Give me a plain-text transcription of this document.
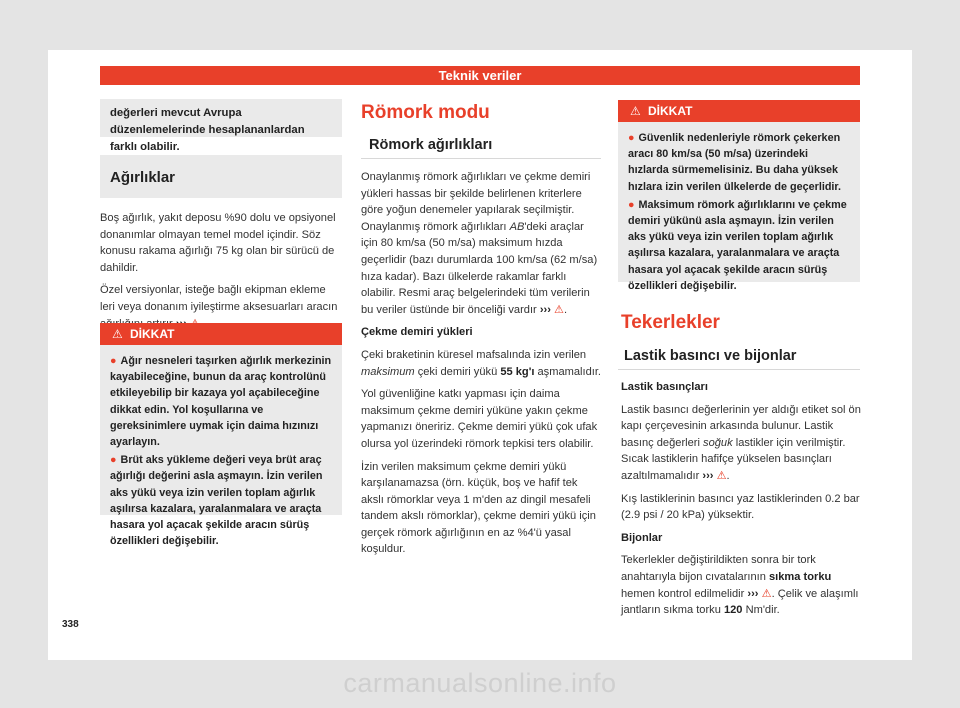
Teknik veriler

değerleri mevcut Avrupa düzenlemelerinde hesaplananlardan farklı olabilir.

Ağırlıklar

Boş ağırlık, yakıt deposu %90 dolu ve opsiyonel donanımlar olmayan temel model içindir. Söz konusu rakama ağırlığı 75 kg olan bir sürücü de dahildir.

Özel versiyonlar, isteğe bağlı ekipman ekleme leri veya donanım iyileştirme aksesuarları aracın

⚠ DİKKAT
● Ağır nesneleri taşırken ağırlık merkezinin kayabileceğine, bunun da araç kontrolünü etkileyebilip bir kazaya yol açabileceğine dikkat edin. Yol koşullarına ve gereksinimlere uymak için daima hızınızı ayarlayın.
● Brüt aks yükleme değeri veya brüt araç ağırlığı değerini asla aşmayın. İzin verilen aks yükü veya izin verilen toplam ağırlık aşılırsa kazalara, yaralanmalara ve araçta hasara yol açacak şekilde aracın sürüş özellikleri değişebilir.
Römork modu
Römork ağırlıkları

Onaylanmış römork ağırlıkları ve çekme demiri yükleri hassas bir şekilde belirlenen kriterlere göre yoğun denemeler yapılarak seçilmiştir. Onaylanmış römork ağırlıkları AB'deki araçlar için 80 km/sa (50 m/sa) maksimum hızda geçerlidir (bazı durumlarda 100 km/sa (62 m/sa) hıza kadar). Bazı ülkelerde rakamlar farklı olabilir. Resmi araç belgelerindeki tüm verilerin bu veriler üstünde bir önceliği vardır ››› ⚠.

Çekme demiri yükleri

Çeki braketinin küresel mafsalında izin verilen maksimum çeki demiri yükü 55 kg'ı aşmamalıdır.

Yol güvenliğine katkı yapması için daima maksimum çekme demiri yüküne yakın çekme yapmanızı öneririz. Çekme demiri yükü çok ufak olursa yol üzerindeki römork tepkisi ters olabilir.

İzin verilen maksimum çekme demiri yükü karşılanamazsa (örn. küçük, boş ve hafif tek akslı römorklar veya 1 m'den az dingil mesafeli tandem akslı römorklar), çekme demiri yükü için gerçek römork ağırlığının en az %4'ü yasal koşuldur.

⚠ DİKKAT
● Güvenlik nedenleriyle römork çekerken aracı 80 km/sa (50 m/sa) üzerindeki hızlarda sürmemelisiniz. Bu daha yüksek hızlara izin verilen ülkelerde de geçerlidir.
● Maksimum römork ağırlıklarını ve çekme demiri yükünü asla aşmayın. İzin verilen aks yükü veya izin verilen toplam ağırlık aşılırsa kazalara, yaralanmalara ve araçta hasara yol açacak şekilde aracın sürüş özellikleri değişebilir.
Tekerlekler
Lastik basıncı ve bijonlar

Lastik basınçları

Lastik basıncı değerlerinin yer aldığı etiket sol ön kapı çerçevesinin arkasında bulunur. Lastik basınç değerleri soğuk lastikler için verilmiştir. Sıcak lastiklerin hafifçe yükselen basınçları azaltılmamalıdır ››› ⚠.

Kış lastiklerinin basıncı yaz lastiklerinden 0.2 bar (2.9 psi / 20 kPa) yüksektir.

Bijonlar

Tekerlekler değiştirildikten sonra bir tork anahtarıyla bijon cıvatalarının sıkma torku hemen kontrol edilmelidir ››› ⚠. Çelik ve alaşımlı jantların sıkma torku 120 Nm'dir.

338
carmanualsonline.info
